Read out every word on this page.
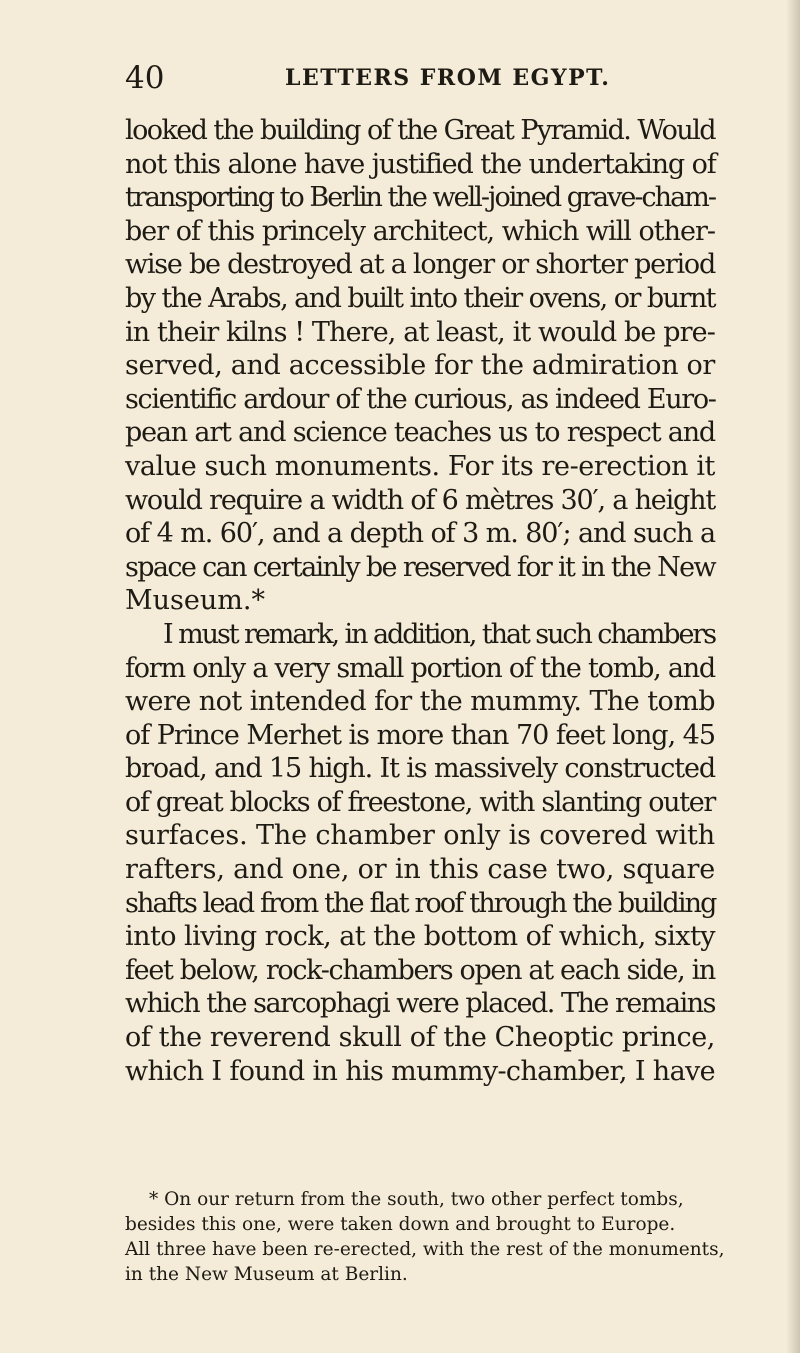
40	LETTERS FROM EGYPT.
looked the building of the Great Pyramid. Would
not this alone have justified the undertaking of
transporting to Berlin the well-joined grave-cham-
ber of this princely architect, which will other-
wise be destroyed at a longer or shorter period
by the Arabs, and built into their ovens, or burnt
in their kilns ! There, at least, it would be pre-
served, and accessible for the admiration or
scientific ardour of the curious, as indeed Euro-
pean art and science teaches us to respect and
value such monuments. For its re-erection it
would require a width of 6 mètres 30′, a height
of 4 m. 60′, and a depth of 3 m. 80′; and such a
space can certainly be reserved for it in the New
Museum.*
I must remark, in addition, that such chambers
form only a very small portion of the tomb, and
were not intended for the mummy. The tomb
of Prince Merhet is more than 70 feet long, 45
broad, and 15 high. It is massively constructed
of great blocks of freestone, with slanting outer
surfaces. The chamber only is covered with
rafters, and one, or in this case two, square
shafts lead from the flat roof through the building
into living rock, at the bottom of which, sixty
feet below, rock-chambers open at each side, in
which the sarcophagi were placed. The remains
of the reverend skull of the Cheoptic prince,
which I found in his mummy-chamber, I have
* On our return from the south, two other perfect tombs,
besides this one, were taken down and brought to Europe.
All three have been re-erected, with the rest of the monuments,
in the New Museum at Berlin.
